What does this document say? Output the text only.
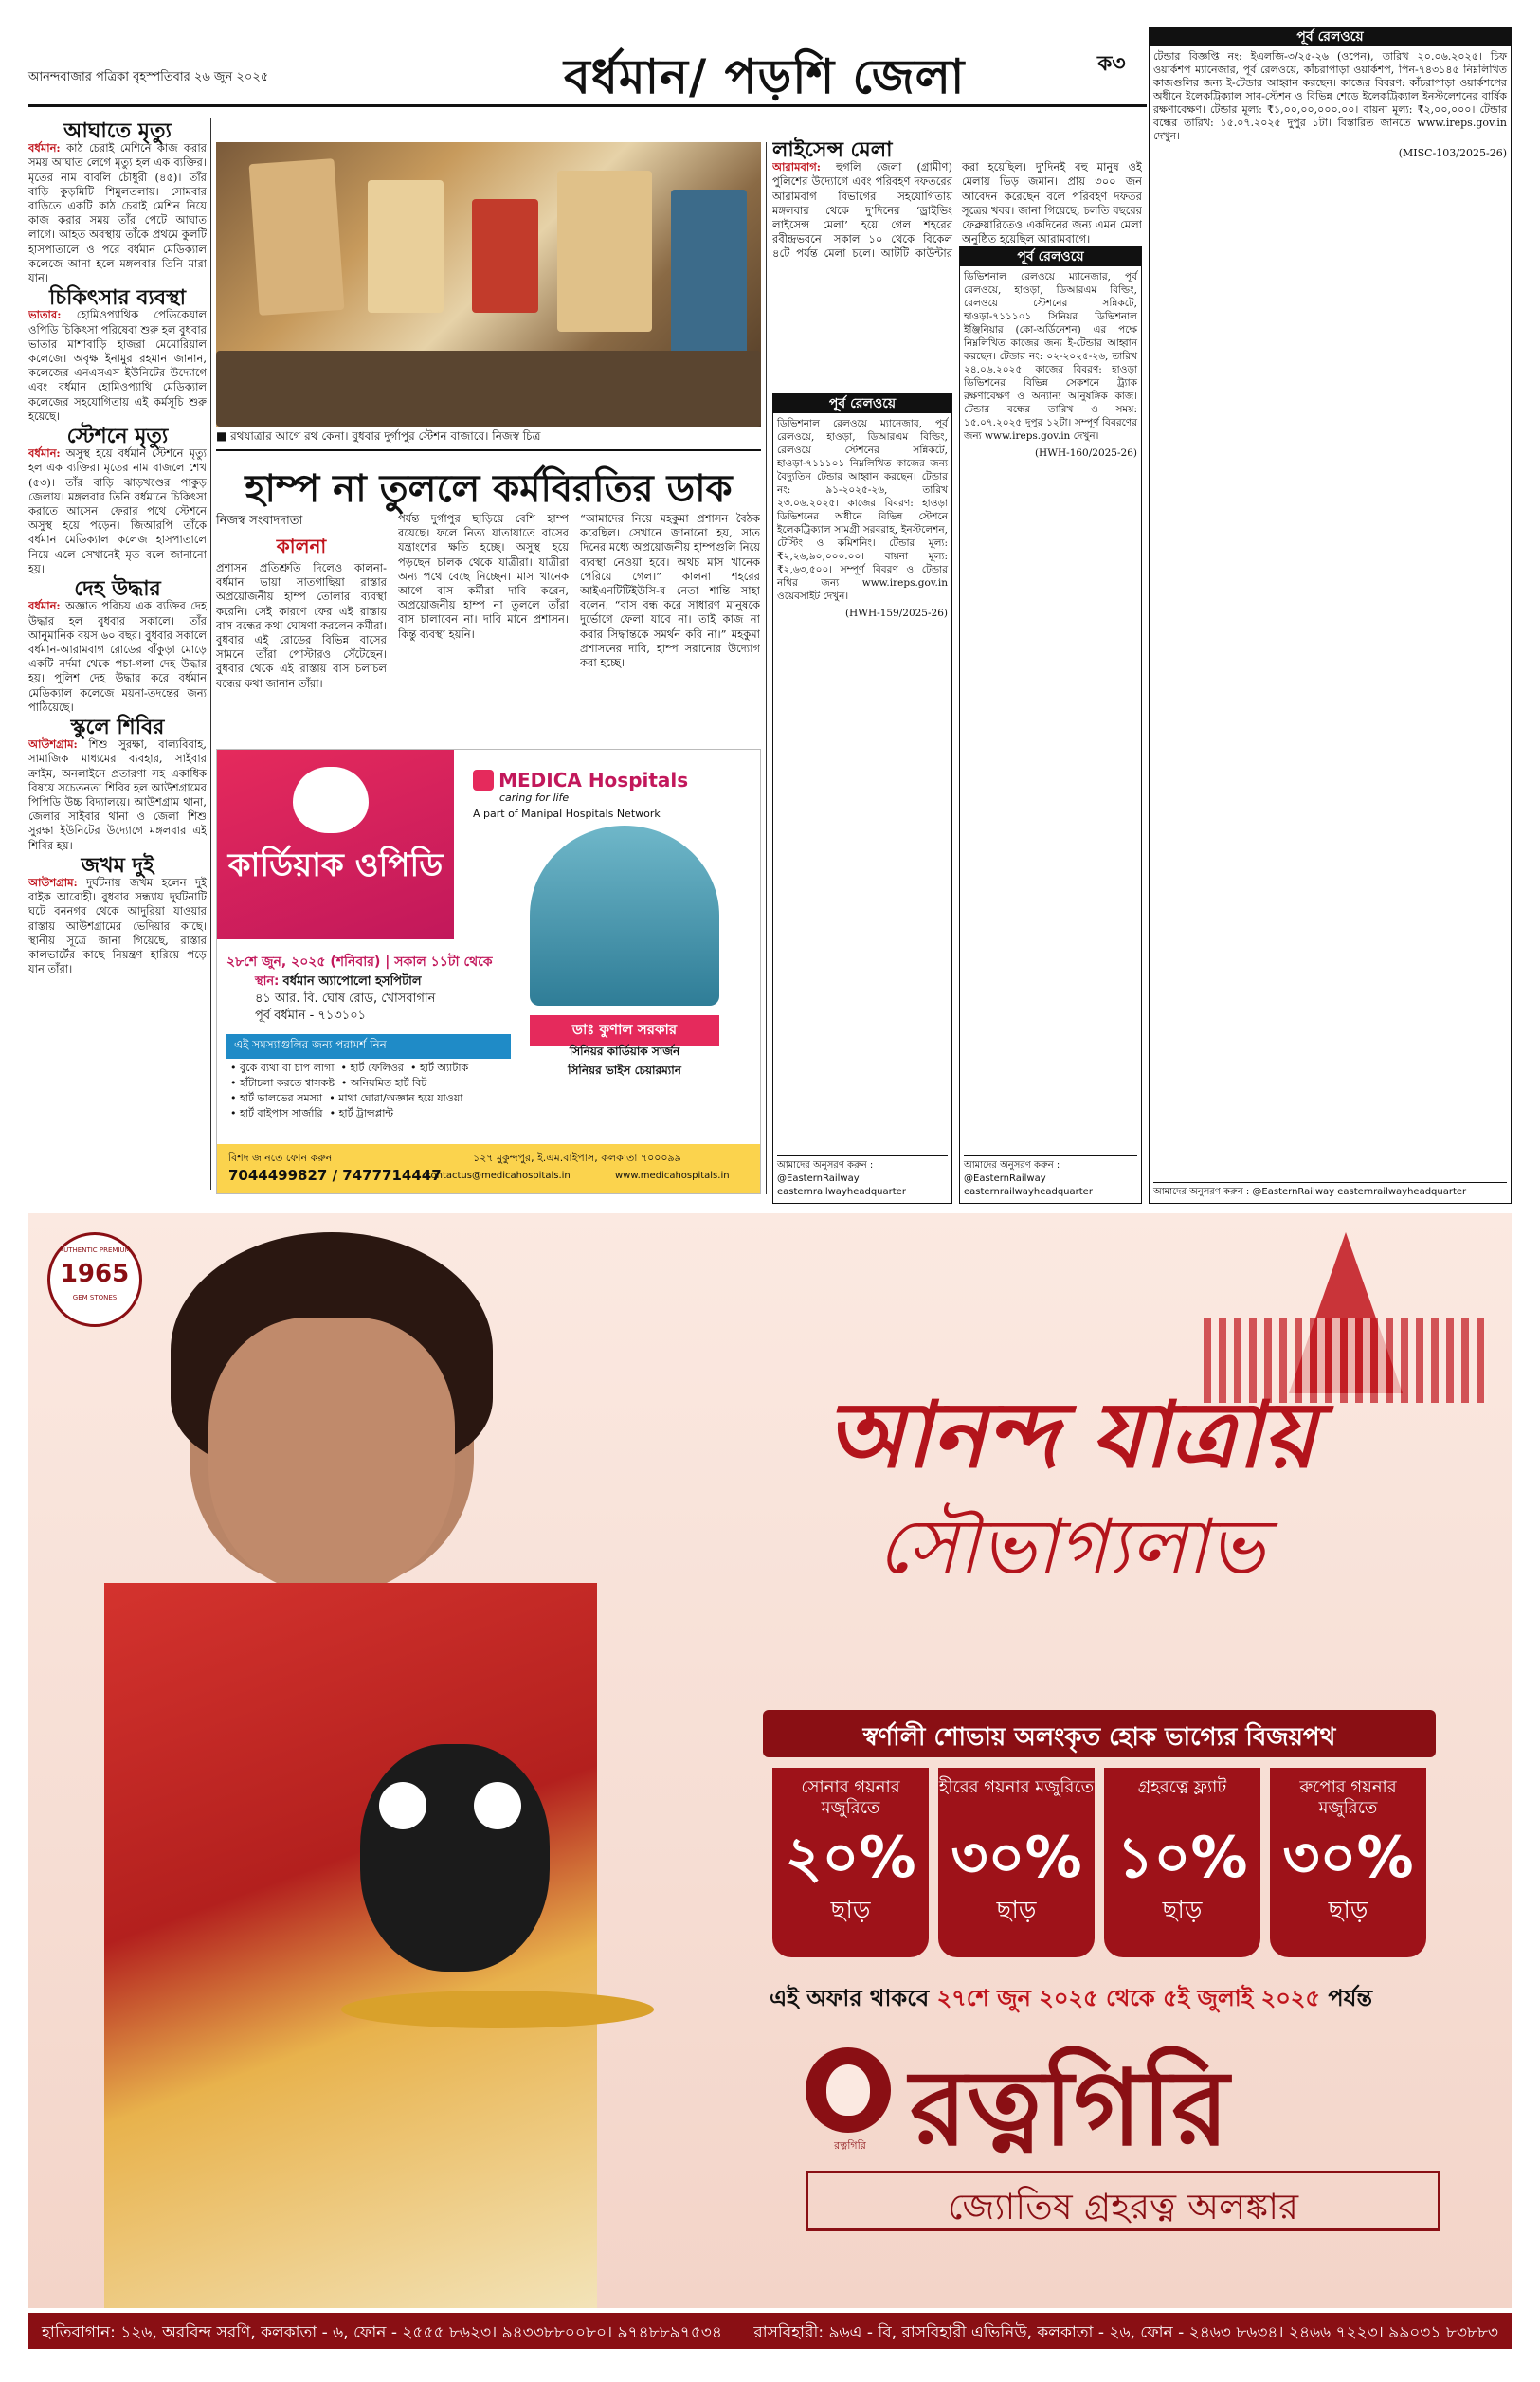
আনন্দবাজার পত্রিকা বৃহস্পতিবার ২৬ জুন ২০২৫	বর্ধমান/ পড়শি জেলা	ক৩
আঘাতে মৃত্যু

বর্ধমান: কাঠ চেরাই মেশিনে কাজ করার সময় আঘাত লেগে মৃত্যু হল এক ব্যক্তির। মৃতের নাম বাবলি চৌধুরী (৪৫)। তাঁর বাড়ি কুড়মিটি শিমুলতলায়। সোমবার বাড়িতে একটি কাঠ চেরাই মেশিন নিয়ে কাজ করার সময় তাঁর পেটে আঘাত লাগে। আহত অবস্থায় তাঁকে প্রথমে কুলটি হাসপাতালে ও পরে বর্ধমান মেডিক্যাল কলেজে আনা হলে মঙ্গলবার তিনি মারা যান।

চিকিৎসার ব্যবস্থা

ভাতার: হোমিওপ্যাথিক পেডিকেয়াল ওপিডি চিকিৎসা পরিষেবা শুরু হল বুধবার ভাতার মাশাবাড়ি হাজরা মেমোরিয়াল কলেজে। অবৃক্ষ ইনামুর রহমান জানান, কলেজের এনএসএস ইউনিটের উদ্যোগে এবং বর্ধমান হোমিওপ্যাথি মেডিক্যাল কলেজের সহযোগিতায় এই কর্মসূচি শুরু হয়েছে।

স্টেশনে মৃত্যু

বর্ধমান: অসুস্থ হয়ে বর্ধমান স্টেশনে মৃত্যু হল এক ব্যক্তির। মৃতের নাম বাজলে শেখ (৫৩)। তাঁর বাড়ি ঝাড়খণ্ডের পাকুড় জেলায়। মঙ্গলবার তিনি বর্ধমানে চিকিৎসা করাতে আসেন। ফেরার পথে স্টেশনে অসুস্থ হয়ে পড়েন। জিআরপি তাঁকে বর্ধমান মেডিক্যাল কলেজ হাসপাতালে নিয়ে এলে সেখানেই মৃত বলে জানানো হয়।

দেহ উদ্ধার

বর্ধমান: অজ্ঞাত পরিচয় এক ব্যক্তির দেহ উদ্ধার হল বুধবার সকালে। তাঁর আনুমানিক বয়স ৬০ বছর। বুধবার সকালে বর্ধমান-আরামবাগ রোডের বাঁকুড়া মোড়ে একটি নর্দমা থেকে পচা-গলা দেহ উদ্ধার হয়। পুলিশ দেহ উদ্ধার করে বর্ধমান মেডিক্যাল কলেজে ময়না-তদন্তের জন্য পাঠিয়েছে।

স্কুলে শিবির

আউশগ্রাম: শিশু সুরক্ষা, বাল্যবিবাহ, সামাজিক মাধ্যমের ব্যবহার, সাইবার ক্রাইম, অনলাইনে প্রতারণা সহ একাধিক বিষয়ে সচেতনতা শিবির হল আউশগ্রামের পিপিডি উচ্চ বিদ্যালয়ে। আউশগ্রাম থানা, জেলার সাইবার থানা ও জেলা শিশু সুরক্ষা ইউনিটের উদ্যোগে মঙ্গলবার এই শিবির হয়।

জখম দুই

আউশগ্রাম: দুর্ঘটনায় জখম হলেন দুই বাইক আরোহী। বুধবার সন্ধ্যায় দুর্ঘটনাটি ঘটে বননগর থেকে আদুরিয়া যাওয়ার রাস্তায় আউশগ্রামের ভেদিয়ার কাছে। স্থানীয় সূত্রে জানা গিয়েছে, রাস্তার কালভার্টের কাছে নিয়ন্ত্রণ হারিয়ে পড়ে যান তাঁরা।

■ রথযাত্রার আগে রথ কেনা। বুধবার দুর্গাপুর স্টেশন বাজারে। নিজস্ব চিত্র
হাম্প না তুললে কর্মবিরতির ডাক
নিজস্ব সংবাদদাতা
কালনা

প্রশাসন প্রতিশ্রুতি দিলেও কালনা-বর্ধমান ভায়া সাতগাছিয়া রাস্তার অপ্রয়োজনীয় হাম্প তোলার ব্যবস্থা করেনি। সেই কারণে ফের এই রাস্তায় বাস বন্ধের কথা ঘোষণা করলেন কর্মীরা। বুধবার এই রোডের বিভিন্ন বাসের সামনে তাঁরা পোস্টারও সেঁটেছেন। বুধবার থেকে এই রাস্তায় বাস চলাচল বন্ধের কথা জানান তাঁরা।

পর্যন্ত দুর্গাপুর ছাড়িয়ে বেশি হাম্প রয়েছে। ফলে নিত্য যাতায়াতে বাসের যন্ত্রাংশের ক্ষতি হচ্ছে। অসুস্থ হয়ে পড়ছেন চালক থেকে যাত্রীরা। যাত্রীরা অন্য পথে বেছে নিচ্ছেন। মাস খানেক আগে বাস কর্মীরা দাবি করেন, অপ্রয়োজনীয় হাম্প না তুললে তাঁরা বাস চালাবেন না। দাবি মানে প্রশাসন। কিন্তু ব্যবস্থা হয়নি।

“আমাদের নিয়ে মহকুমা প্রশাসন বৈঠক করেছিল। সেখানে জানানো হয়, সাত দিনের মধ্যে অপ্রয়োজনীয় হাম্পগুলি নিয়ে ব্যবস্থা নেওয়া হবে। অথচ মাস খানেক পেরিয়ে গেল।” কালনা শহরের আইএনটিটিইউসি-র নেতা শান্তি সাহা বলেন, “বাস বন্ধ করে সাধারণ মানুষকে দুর্ভোগে ফেলা যাবে না। তাই কাজ না করার সিদ্ধান্তকে সমর্থন করি না।” মহকুমা প্রশাসনের দাবি, হাম্প সরানোর উদ্যোগ করা হচ্ছে।

কার্ডিয়াক ওপিডি
MEDICA Hospitals
caring for life
A part of Manipal Hospitals Network
২৮শে জুন, ২০২৫ (শনিবার) | সকাল ১১টা থেকে
স্থান: বর্ধমান অ্যাপোলো হসপিটাল
৪১ আর. বি. ঘোষ রোড, খোসবাগান
পূর্ব বর্ধমান - ৭১৩১০১
এই সমস্যাগুলির জন্য পরামর্শ নিন
• বুকে ব্যথা বা চাপ লাগা  • হার্ট ফেলিওর  • হার্ট অ্যাটাক
• হাঁটাচলা করতে শ্বাসকষ্ট  • অনিয়মিত হার্ট বিট
• হার্ট ভালভের সমস্যা  • মাথা ঘোরা/অজ্ঞান হয়ে যাওয়া
• হার্ট বাইপাস সার্জারি  • হার্ট ট্রান্সপ্লান্ট
ডাঃ কুণাল সরকার
সিনিয়র কার্ডিয়াক সার্জন
সিনিয়র ভাইস চেয়ারম্যান
বিশদ জানতে ফোন করুন
7044499827 / 7477714447
১২৭ মুকুন্দপুর, ই.এম.বাইপাস, কলকাতা ৭০০০৯৯
contactus@medicahospitals.in	www.medicahospitals.in
লাইসেন্স মেলা

আরামবাগ: হুগলি জেলা (গ্রামীণ) পুলিশের উদ্যোগে এবং পরিবহণ দফতরের আরামবাগ বিভাগের সহযোগিতায় মঙ্গলবার থেকে দু'দিনের ‘ড্রাইভিং লাইসেন্স মেলা’ হয়ে গেল শহরের রবীন্দ্রভবনে। সকাল ১০ থেকে বিকেল ৪টে পর্যন্ত মেলা চলে। আটটি কাউন্টার করা হয়েছিল। দু'দিনই বহু মানুষ ওই মেলায় ভিড় জমান। প্রায় ৩০০ জন আবেদন করেছেন বলে পরিবহণ দফতর সূত্রের খবর। জানা গিয়েছে, চলতি বছরের ফেব্রুয়ারিতেও একদিনের জন্য এমন মেলা অনুষ্ঠিত হয়েছিল আরামবাগে।

পূর্ব রেলওয়ে

ডিভিশনাল রেলওয়ে ম্যানেজার, পূর্ব রেলওয়ে, হাওড়া, ডিআরএম বিল্ডিং, রেলওয়ে স্টেশনের সন্নিকটে, হাওড়া-৭১১১০১ নিম্নলিখিত কাজের জন্য বৈদ্যুতিন টেন্ডার আহ্বান করছেন। টেন্ডার নং: ৯১-২০২৫-২৬, তারিখ ২৩.০৬.২০২৫। কাজের বিবরণ: হাওড়া ডিভিশনের অধীনে বিভিন্ন স্টেশনে ইলেকট্রিক্যাল সামগ্রী সরবরাহ, ইনস্টলেশন, টেস্টিং ও কমিশনিং। টেন্ডার মূল্য: ₹২,২৬,৯০,০০০.০০। বায়না মূল্য: ₹২,৬৩,৫০০। সম্পূর্ণ বিবরণ ও টেন্ডার নথির জন্য www.ireps.gov.in ওয়েবসাইট দেখুন।

(HWH-159/2025-26)

আমাদের অনুসরণ করুন :
@EasternRailway
easternrailwayheadquarter
পূর্ব রেলওয়ে

ডিভিশনাল রেলওয়ে ম্যানেজার, পূর্ব রেলওয়ে, হাওড়া, ডিআরএম বিল্ডিং, রেলওয়ে স্টেশনের সন্নিকটে, হাওড়া-৭১১১০১ সিনিয়র ডিভিশনাল ইঞ্জিনিয়ার (কো-অর্ডিনেশন) এর পক্ষে নিম্নলিখিত কাজের জন্য ই-টেন্ডার আহ্বান করছেন। টেন্ডার নং: ০২-২০২৫-২৬, তারিখ ২৪.০৬.২০২৫। কাজের বিবরণ: হাওড়া ডিভিশনের বিভিন্ন সেকশনে ট্র্যাক রক্ষণাবেক্ষণ ও অন্যান্য আনুষঙ্গিক কাজ। টেন্ডার বন্ধের তারিখ ও সময়: ১৫.০৭.২০২৫ দুপুর ১২টা। সম্পূর্ণ বিবরণের জন্য www.ireps.gov.in দেখুন।

(HWH-160/2025-26)

আমাদের অনুসরণ করুন :
@EasternRailway
easternrailwayheadquarter
পূর্ব রেলওয়ে

টেন্ডার বিজ্ঞপ্তি নং: ইএলজি-৩/২৫-২৬ (ওপেন), তারিখ ২০.০৬.২০২৫। চিফ ওয়ার্কশপ ম্যানেজার, পূর্ব রেলওয়ে, কাঁচরাপাড়া ওয়ার্কশপ, পিন-৭৪৩১৪৫ নিম্নলিখিত কাজগুলির জন্য ই-টেন্ডার আহ্বান করছেন। কাজের বিবরণ: কাঁচরাপাড়া ওয়ার্কশপের অধীনে ইলেকট্রিক্যাল সাব-স্টেশন ও বিভিন্ন শেডে ইলেকট্রিক্যাল ইনস্টলেশনের বার্ষিক রক্ষণাবেক্ষণ। টেন্ডার মূল্য: ₹১,০০,০০,০০০.০০। বায়না মূল্য: ₹২,০০,০০০। টেন্ডার বন্ধের তারিখ: ১৫.০৭.২০২৫ দুপুর ১টা। বিস্তারিত জানতে www.ireps.gov.in দেখুন।

(MISC-103/2025-26)

আমাদের অনুসরণ করুন : @EasternRailway easternrailwayheadquarter
AUTHENTIC PREMIUM
1965
GEM STONES
আনন্দ যাত্রায়
সৌভাগ্যলাভ
স্বর্ণালী শোভায় অলংকৃত হোক ভাগ্যের বিজয়পথ
সোনার গয়নার মজুরিতে
২০%
ছাড়
হীরের গয়নার মজুরিতে
৩০%
ছাড়
গ্রহরত্নে ফ্ল্যাট
১০%
ছাড়
রুপোর গয়নার মজুরিতে
৩০%
ছাড়
এই অফার থাকবে ২৭শে জুন ২০২৫ থেকে ৫ই জুলাই ২০২৫ পর্যন্ত
রত্নগিরি রত্নগিরি
জ্যোতিষ গ্রহরত্ন অলঙ্কার
হাতিবাগান: ১২৬, অরবিন্দ সরণি, কলকাতা - ৬, ফোন - ২৫৫৫ ৮৬২৩। ৯৪৩৩৮৮০০৮০। ৯৭৪৮৮৯৭৫৩৪ রাসবিহারী: ৯৬এ - বি, রাসবিহারী এভিনিউ, কলকাতা - ২৬, ফোন - ২৪৬৩ ৮৬৩৪। ২৪৬৬ ৭২২৩। ৯৯০৩১ ৮৩৮৮৩
